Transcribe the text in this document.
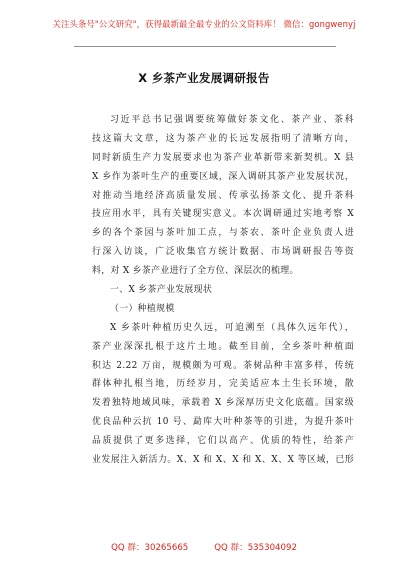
关注头条号"公文研究"，获得最新最全最专业的公文资料库！ 微信：gongwenyj
X 乡茶产业发展调研报告
习近平总书记强调要统筹做好茶文化、茶产业、茶科
技这篇大文章，这为茶产业的长远发展指明了清晰方向，
同时新质生产力发展要求也为茶产业革新带来新契机。X 县
X 乡作为茶叶生产的重要区域，深入调研其茶产业发展状况，
对推动当地经济高质量发展、传承弘扬茶文化、提升茶科
技应用水平，具有关键现实意义。本次调研通过实地考察 X
乡的各个茶园与茶叶加工点，与茶农、茶叶企业负责人进
行深入访谈，广泛收集官方统计数据、市场调研报告等资
料，对 X 乡茶产业进行了全方位、深层次的梳理。
一、X 乡茶产业发展现状
（一）种植规模
X 乡茶叶种植历史久远，可追溯至（具体久远年代），
茶产业深深扎根于这片土地。截至目前，全乡茶叶种植面
积达 2.22 万亩，规模颇为可观。茶树品种丰富多样，传统
群体种扎根当地，历经岁月，完美适应本土生长环境，散
发着独特地域风味，承载着 X 乡深厚历史文化底蕴。国家级
优良品种云抗 10 号、勐库大叶种茶等的引进，为提升茶叶
品质提供了更多选择，它们以高产、优质的特性，给茶产
业发展注入新活力。X、X 和 X、X 和 X、X、X 等区域，已形
QQ 群：30265665	QQ 群：535304092
